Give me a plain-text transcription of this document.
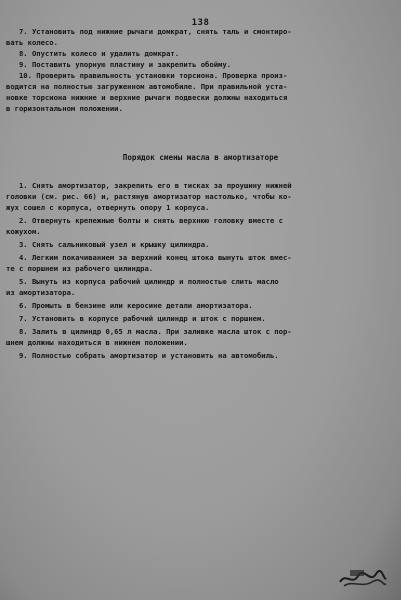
138
7. Установить под нижние рычаги домкрат, снять таль и смонтиро-
вать колесо.
8. Опустить колесо и удалить домкрат.
9. Поставить упорную пластину и закрепить обойму.
10. Проверить правильность установки торсиона. Проверка произ-
водится на полностью загруженном автомобиле. При правильной уста-
новке торсиона нижние и верхние рычаги подвески должны находиться
в горизонтальном положении.
Порядок смены масла в амортизаторе
1. Снять амортизатор, закрепить его в тисках за проушину нижней
головки (см. рис. 66) и, растянув амортизатор настолько, чтобы ко-
жух сошел с корпуса, отвернуть опору 1 корпуса.
2. Отвернуть крепежные болты и снять верхнюю головку вместе с
кожухом.
3. Снять сальниковый узел и крышку цилиндра.
4. Легким покачиванием за верхний конец штока вынуть шток вмес-
те с поршнем из рабочего цилиндра.
5. Вынуть из корпуса рабочий цилиндр и полностью слить масло
из амортизатора.
6. Промыть в бензине или керосине детали амортизатора.
7. Установить в корпусе рабочий цилиндр и шток с поршнем.
8. Залить в цилиндр 0,65 л масла. При заливке масла шток с пор-
шнем должны находиться в нижнем положении.
9. Полностью собрать амортизатор и установить на автомобиль.
